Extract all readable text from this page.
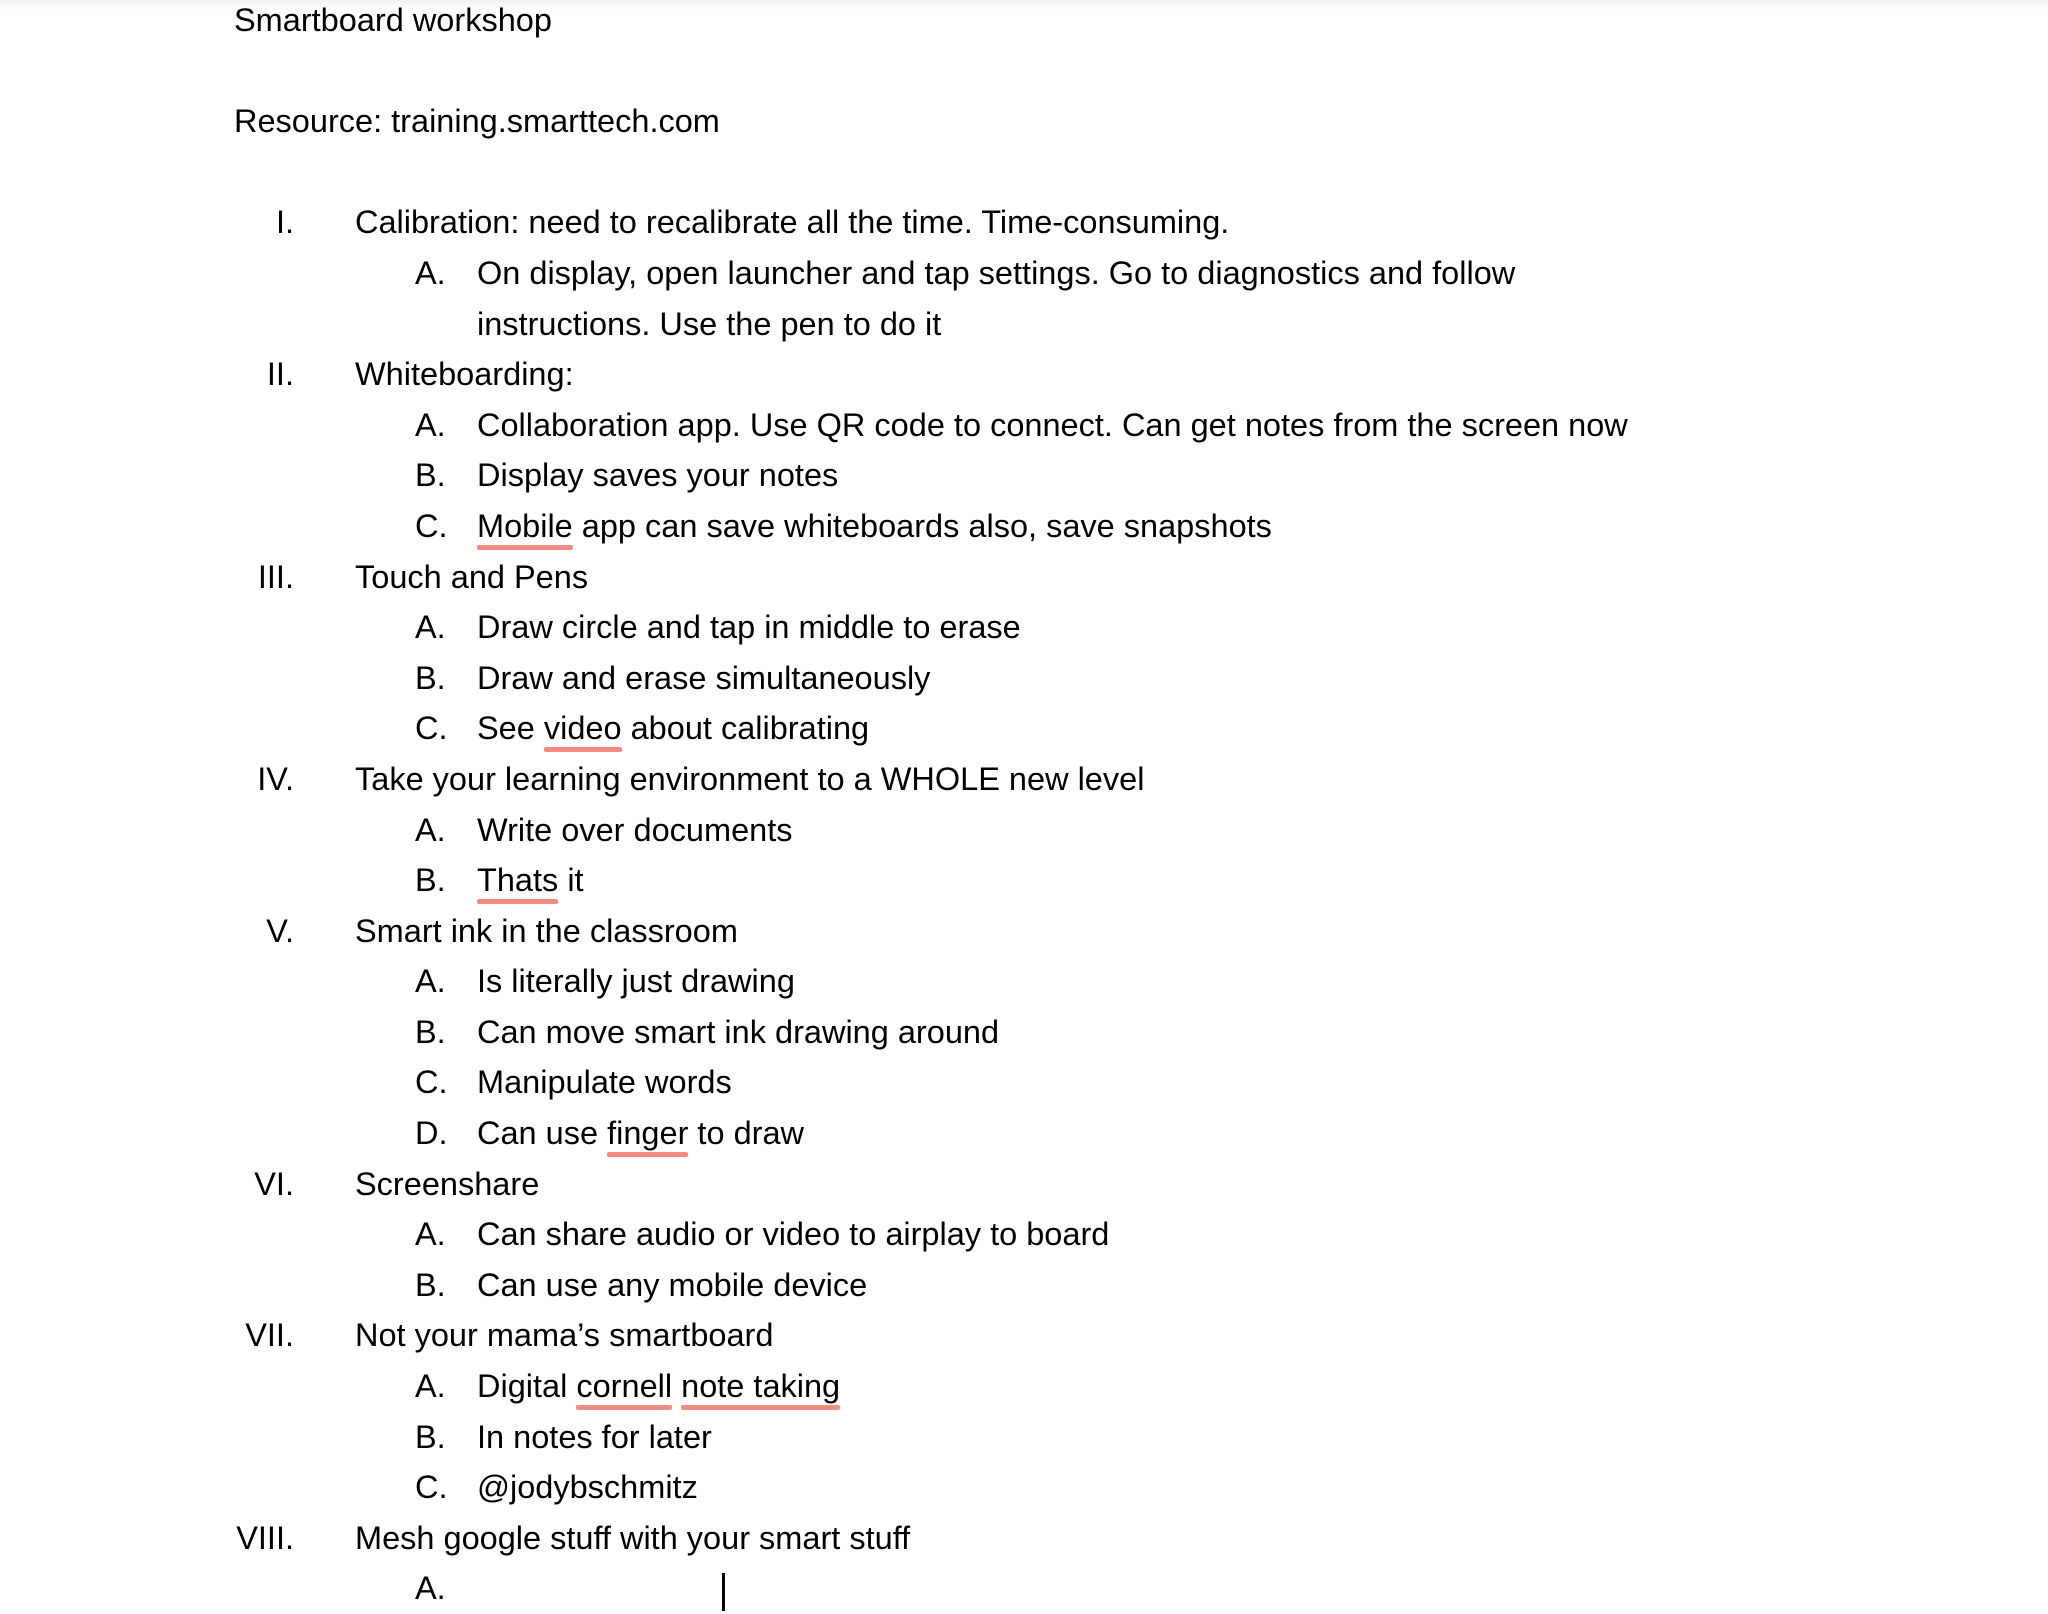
Smartboard workshop
Resource: training.smarttech.com
I. Calibration: need to recalibrate all the time. Time-consuming.
A. On display, open launcher and tap settings. Go to diagnostics and follow
instructions. Use the pen to do it
II. Whiteboarding:
A. Collaboration app. Use QR code to connect. Can get notes from the screen now
B. Display saves your notes
C. Mobile app can save whiteboards also, save snapshots
III. Touch and Pens
A. Draw circle and tap in middle to erase
B. Draw and erase simultaneously
C. See video about calibrating
IV. Take your learning environment to a WHOLE new level
A. Write over documents
B. Thats it
V. Smart ink in the classroom
A. Is literally just drawing
B. Can move smart ink drawing around
C. Manipulate words
D. Can use finger to draw
VI. Screenshare
A. Can share audio or video to airplay to board
B. Can use any mobile device
VII. Not your mama’s smartboard
A. Digital cornell note taking
B. In notes for later
C. @jodybschmitz
VIII. Mesh google stuff with your smart stuff
A.
